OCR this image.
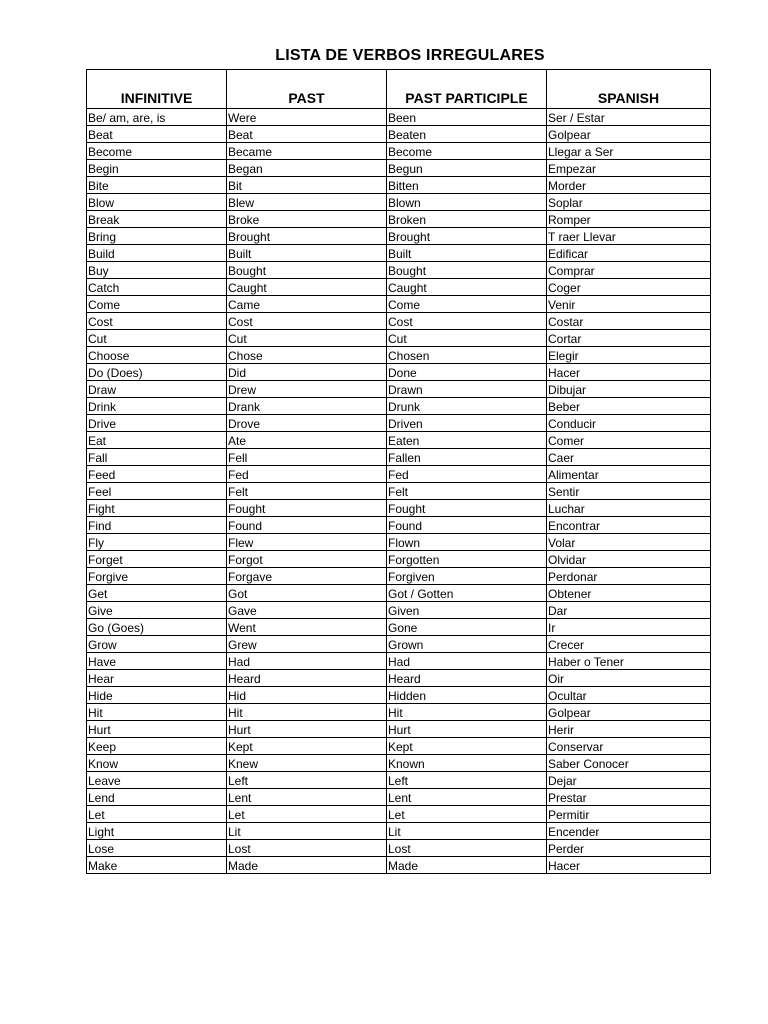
LISTA DE VERBOS IRREGULARES
INFINITIVE	PAST	PAST PARTICIPLE	SPANISH
Be/ am, are, is	Were	Been	Ser / Estar
Beat	Beat	Beaten	Golpear
Become	Became	Become	Llegar a Ser
Begin	Began	Begun	Empezar
Bite	Bit	Bitten	Morder
Blow	Blew	Blown	Soplar
Break	Broke	Broken	Romper
Bring	Brought	Brought	T raer Llevar
Build	Built	Built	Edificar
Buy	Bought	Bought	Comprar
Catch	Caught	Caught	Coger
Come	Came	Come	Venir
Cost	Cost	Cost	Costar
Cut	Cut	Cut	Cortar
Choose	Chose	Chosen	Elegir
Do (Does)	Did	Done	Hacer
Draw	Drew	Drawn	Dibujar
Drink	Drank	Drunk	Beber
Drive	Drove	Driven	Conducir
Eat	Ate	Eaten	Comer
Fall	Fell	Fallen	Caer
Feed	Fed	Fed	Alimentar
Feel	Felt	Felt	Sentir
Fight	Fought	Fought	Luchar
Find	Found	Found	Encontrar
Fly	Flew	Flown	Volar
Forget	Forgot	Forgotten	Olvidar
Forgive	Forgave	Forgiven	Perdonar
Get	Got	Got / Gotten	Obtener
Give	Gave	Given	Dar
Go (Goes)	Went	Gone	Ir
Grow	Grew	Grown	Crecer
Have	Had	Had	Haber o Tener
Hear	Heard	Heard	Oir
Hide	Hid	Hidden	Ocultar
Hit	Hit	Hit	Golpear
Hurt	Hurt	Hurt	Herir
Keep	Kept	Kept	Conservar
Know	Knew	Known	Saber Conocer
Leave	Left	Left	Dejar
Lend	Lent	Lent	Prestar
Let	Let	Let	Permitir
Light	Lit	Lit	Encender
Lose	Lost	Lost	Perder
Make	Made	Made	Hacer
